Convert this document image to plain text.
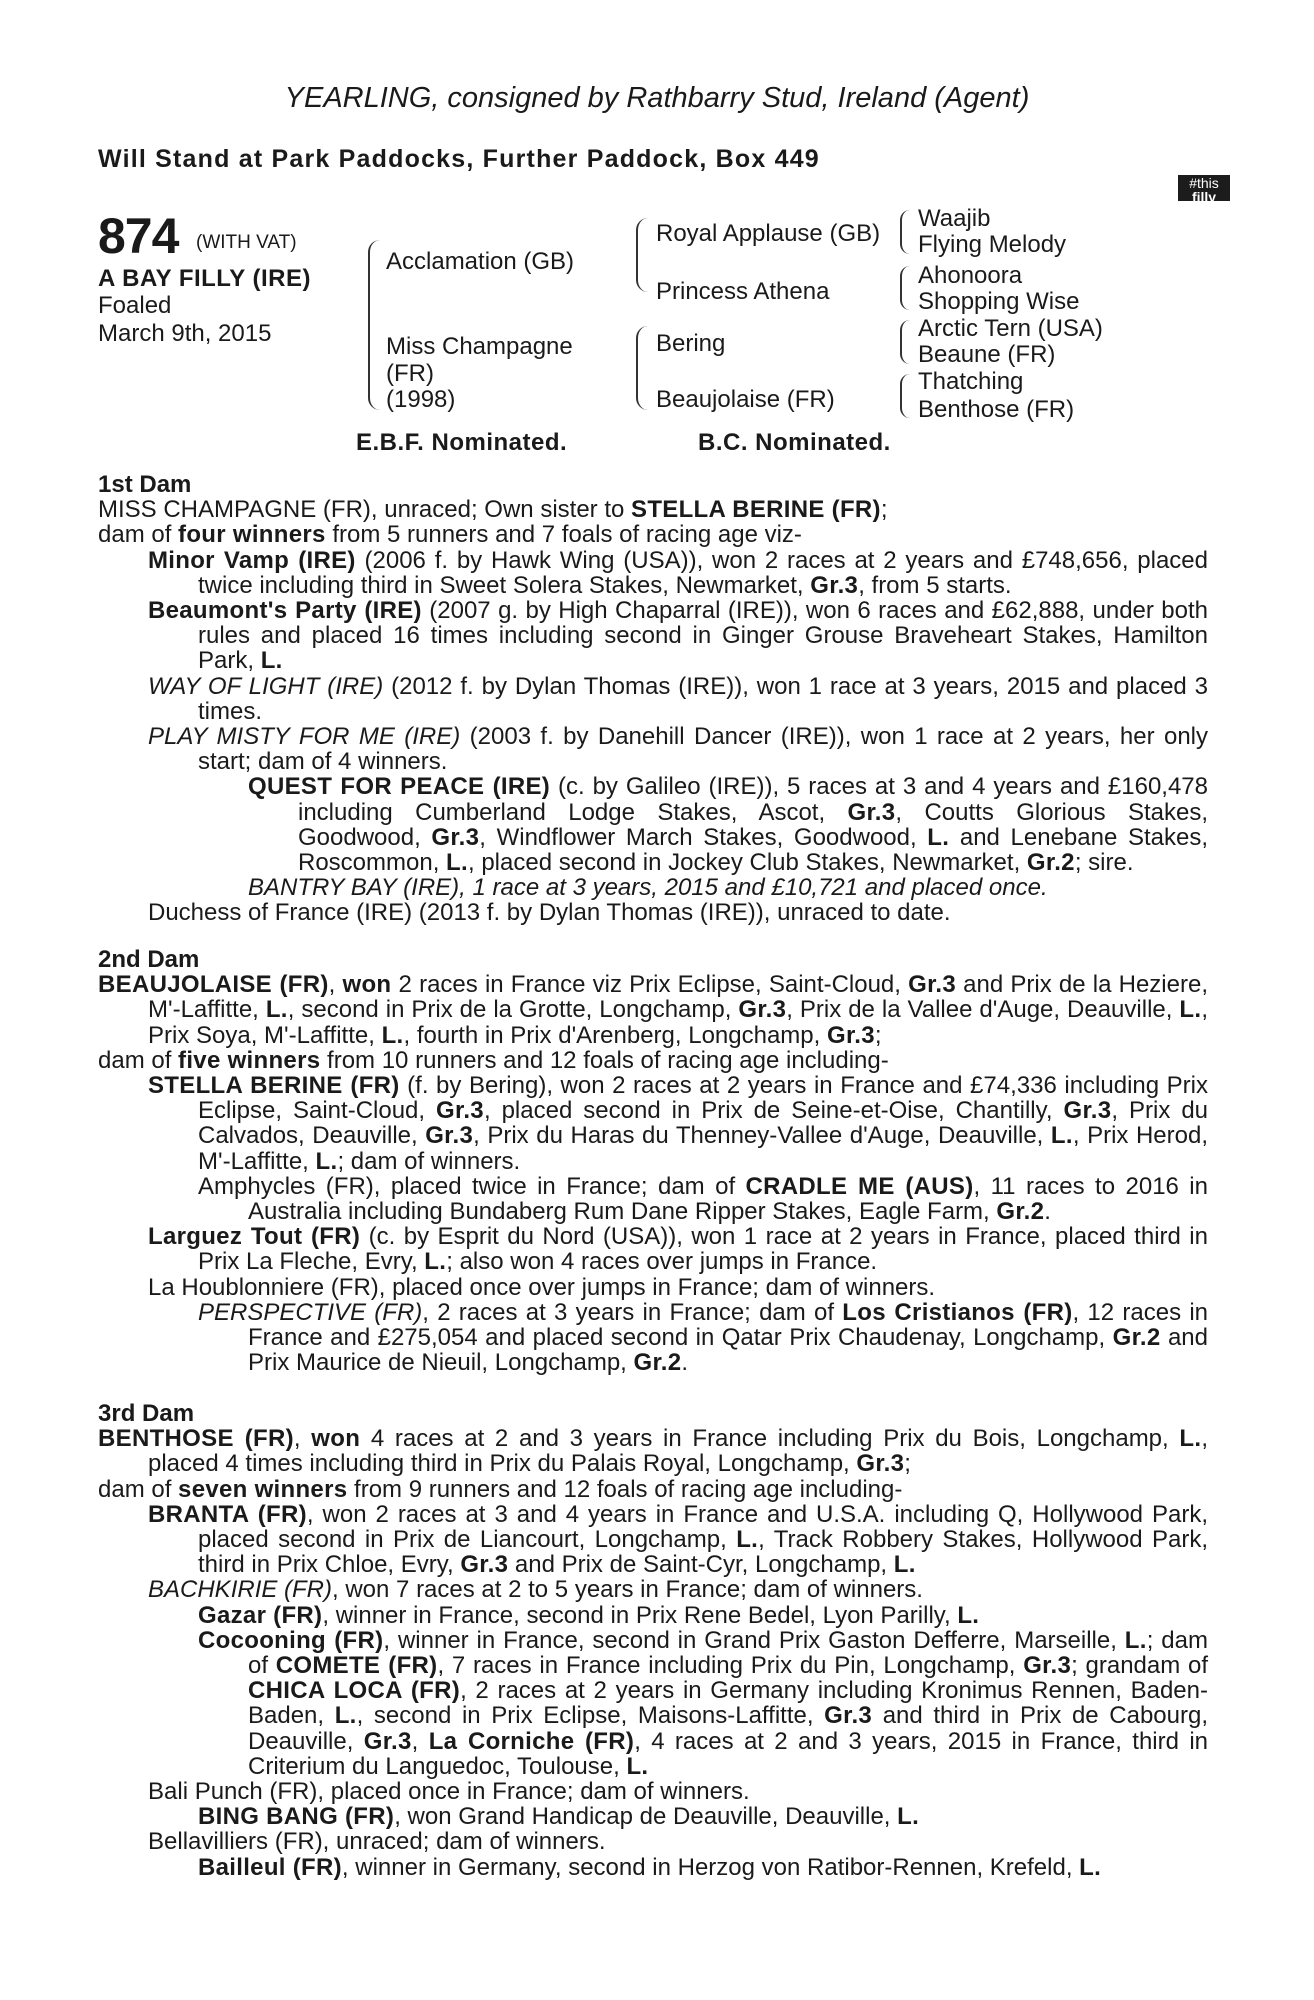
YEARLING, consigned by Rathbarry Stud, Ireland (Agent)
Will Stand at Park Paddocks, Further Paddock, Box 449
#this
filly
can
874 (WITH VAT)
A BAY FILLY (IRE)
Foaled
March 9th, 2015
Acclamation (GB)
Miss Champagne
(FR)
(1998)
Royal Applause (GB)
Princess Athena
Bering
Beaujolaise (FR)
Waajib
Flying Melody
Ahonoora
Shopping Wise
Arctic Tern (USA)
Beaune (FR)
Thatching
Benthose (FR)
E.B.F. Nominated.	B.C. Nominated.
1st Dam
MISS CHAMPAGNE (FR), unraced; Own sister to STELLA BERINE (FR);
dam of four winners from 5 runners and 7 foals of racing age viz-
Minor Vamp (IRE) (2006 f. by Hawk Wing (USA)), won 2 races at 2 years and £748,656, placed twice including third in Sweet Solera Stakes, Newmarket, Gr.3, from 5 starts.
Beaumont's Party (IRE) (2007 g. by High Chaparral (IRE)), won 6 races and £62,888, under both rules and placed 16 times including second in Ginger Grouse Braveheart Stakes, Hamilton Park, L.
WAY OF LIGHT (IRE) (2012 f. by Dylan Thomas (IRE)), won 1 race at 3 years, 2015 and placed 3 times.
PLAY MISTY FOR ME (IRE) (2003 f. by Danehill Dancer (IRE)), won 1 race at 2 years, her only start; dam of 4 winners.
QUEST FOR PEACE (IRE) (c. by Galileo (IRE)), 5 races at 3 and 4 years and £160,478 including Cumberland Lodge Stakes, Ascot, Gr.3, Coutts Glorious Stakes, Goodwood, Gr.3, Windflower March Stakes, Goodwood, L. and Lenebane Stakes, Roscommon, L., placed second in Jockey Club Stakes, Newmarket, Gr.2; sire.
BANTRY BAY (IRE), 1 race at 3 years, 2015 and £10,721 and placed once.
Duchess of France (IRE) (2013 f. by Dylan Thomas (IRE)), unraced to date.
2nd Dam
BEAUJOLAISE (FR), won 2 races in France viz Prix Eclipse, Saint-Cloud, Gr.3 and Prix de la Heziere, M'-Laffitte, L., second in Prix de la Grotte, Longchamp, Gr.3, Prix de la Vallee d'Auge, Deauville, L., Prix Soya, M'-Laffitte, L., fourth in Prix d'Arenberg, Longchamp, Gr.3;
dam of five winners from 10 runners and 12 foals of racing age including-
STELLA BERINE (FR) (f. by Bering), won 2 races at 2 years in France and £74,336 including Prix Eclipse, Saint-Cloud, Gr.3, placed second in Prix de Seine-et-Oise, Chantilly, Gr.3, Prix du Calvados, Deauville, Gr.3, Prix du Haras du Thenney-Vallee d'Auge, Deauville, L., Prix Herod, M'-Laffitte, L.; dam of winners.
Amphycles (FR), placed twice in France; dam of CRADLE ME (AUS), 11 races to 2016 in Australia including Bundaberg Rum Dane Ripper Stakes, Eagle Farm, Gr.2.
Larguez Tout (FR) (c. by Esprit du Nord (USA)), won 1 race at 2 years in France, placed third in Prix La Fleche, Evry, L.; also won 4 races over jumps in France.
La Houblonniere (FR), placed once over jumps in France; dam of winners.
PERSPECTIVE (FR), 2 races at 3 years in France; dam of Los Cristianos (FR), 12 races in France and £275,054 and placed second in Qatar Prix Chaudenay, Longchamp, Gr.2 and Prix Maurice de Nieuil, Longchamp, Gr.2.
3rd Dam
BENTHOSE (FR), won 4 races at 2 and 3 years in France including Prix du Bois, Longchamp, L., placed 4 times including third in Prix du Palais Royal, Longchamp, Gr.3;
dam of seven winners from 9 runners and 12 foals of racing age including-
BRANTA (FR), won 2 races at 3 and 4 years in France and U.S.A. including Q, Hollywood Park, placed second in Prix de Liancourt, Longchamp, L., Track Robbery Stakes, Hollywood Park, third in Prix Chloe, Evry, Gr.3 and Prix de Saint-Cyr, Longchamp, L.
BACHKIRIE (FR), won 7 races at 2 to 5 years in France; dam of winners.
Gazar (FR), winner in France, second in Prix Rene Bedel, Lyon Parilly, L.
Cocooning (FR), winner in France, second in Grand Prix Gaston Defferre, Marseille, L.; dam of COMETE (FR), 7 races in France including Prix du Pin, Longchamp, Gr.3; grandam of CHICA LOCA (FR), 2 races at 2 years in Germany including Kronimus Rennen, Baden-Baden, L., second in Prix Eclipse, Maisons-Laffitte, Gr.3 and third in Prix de Cabourg, Deauville, Gr.3, La Corniche (FR), 4 races at 2 and 3 years, 2015 in France, third in Criterium du Languedoc, Toulouse, L.
Bali Punch (FR), placed once in France; dam of winners.
BING BANG (FR), won Grand Handicap de Deauville, Deauville, L.
Bellavilliers (FR), unraced; dam of winners.
Bailleul (FR), winner in Germany, second in Herzog von Ratibor-Rennen, Krefeld, L.
